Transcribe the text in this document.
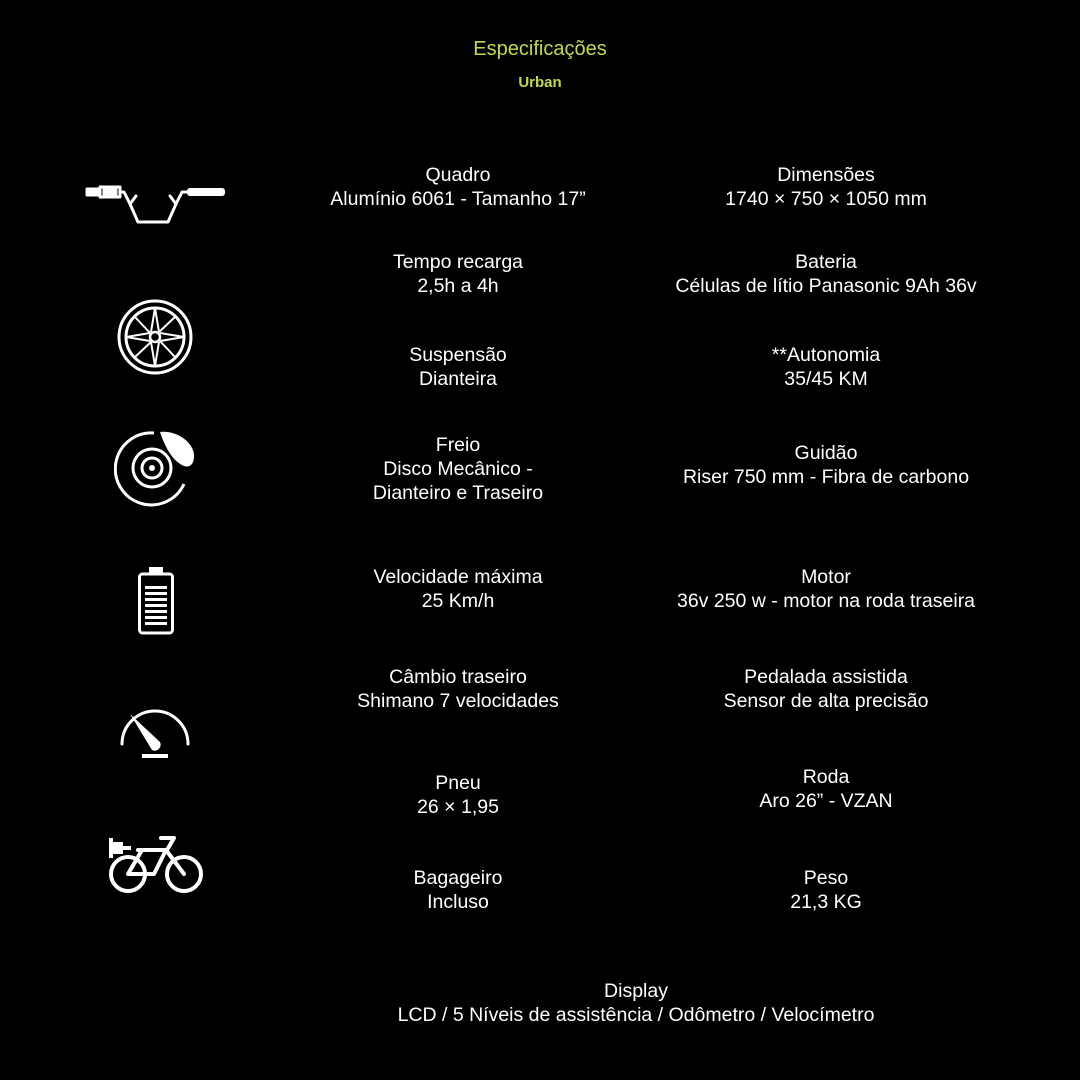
Especificações
Urban
Quadro
Alumínio 6061 - Tamanho 17”
Tempo recarga
2,5h a 4h
Suspensão
Dianteira
Freio
Disco Mecânico -
Dianteiro e Traseiro
Velocidade máxima
25 Km/h
Câmbio traseiro
Shimano 7 velocidades
Pneu
26 × 1,95
Bagageiro
Incluso
Dimensões
1740 × 750 × 1050 mm
Bateria
Células de lítio Panasonic 9Ah 36v
**Autonomia
35/45 KM
Guidão
Riser 750 mm - Fibra de carbono
Motor
36v 250 w - motor na roda traseira
Pedalada assistida
Sensor de alta precisão
Roda
Aro 26” - VZAN
Peso
21,3 KG
Display
LCD / 5 Níveis de assistência / Odômetro / Velocímetro
